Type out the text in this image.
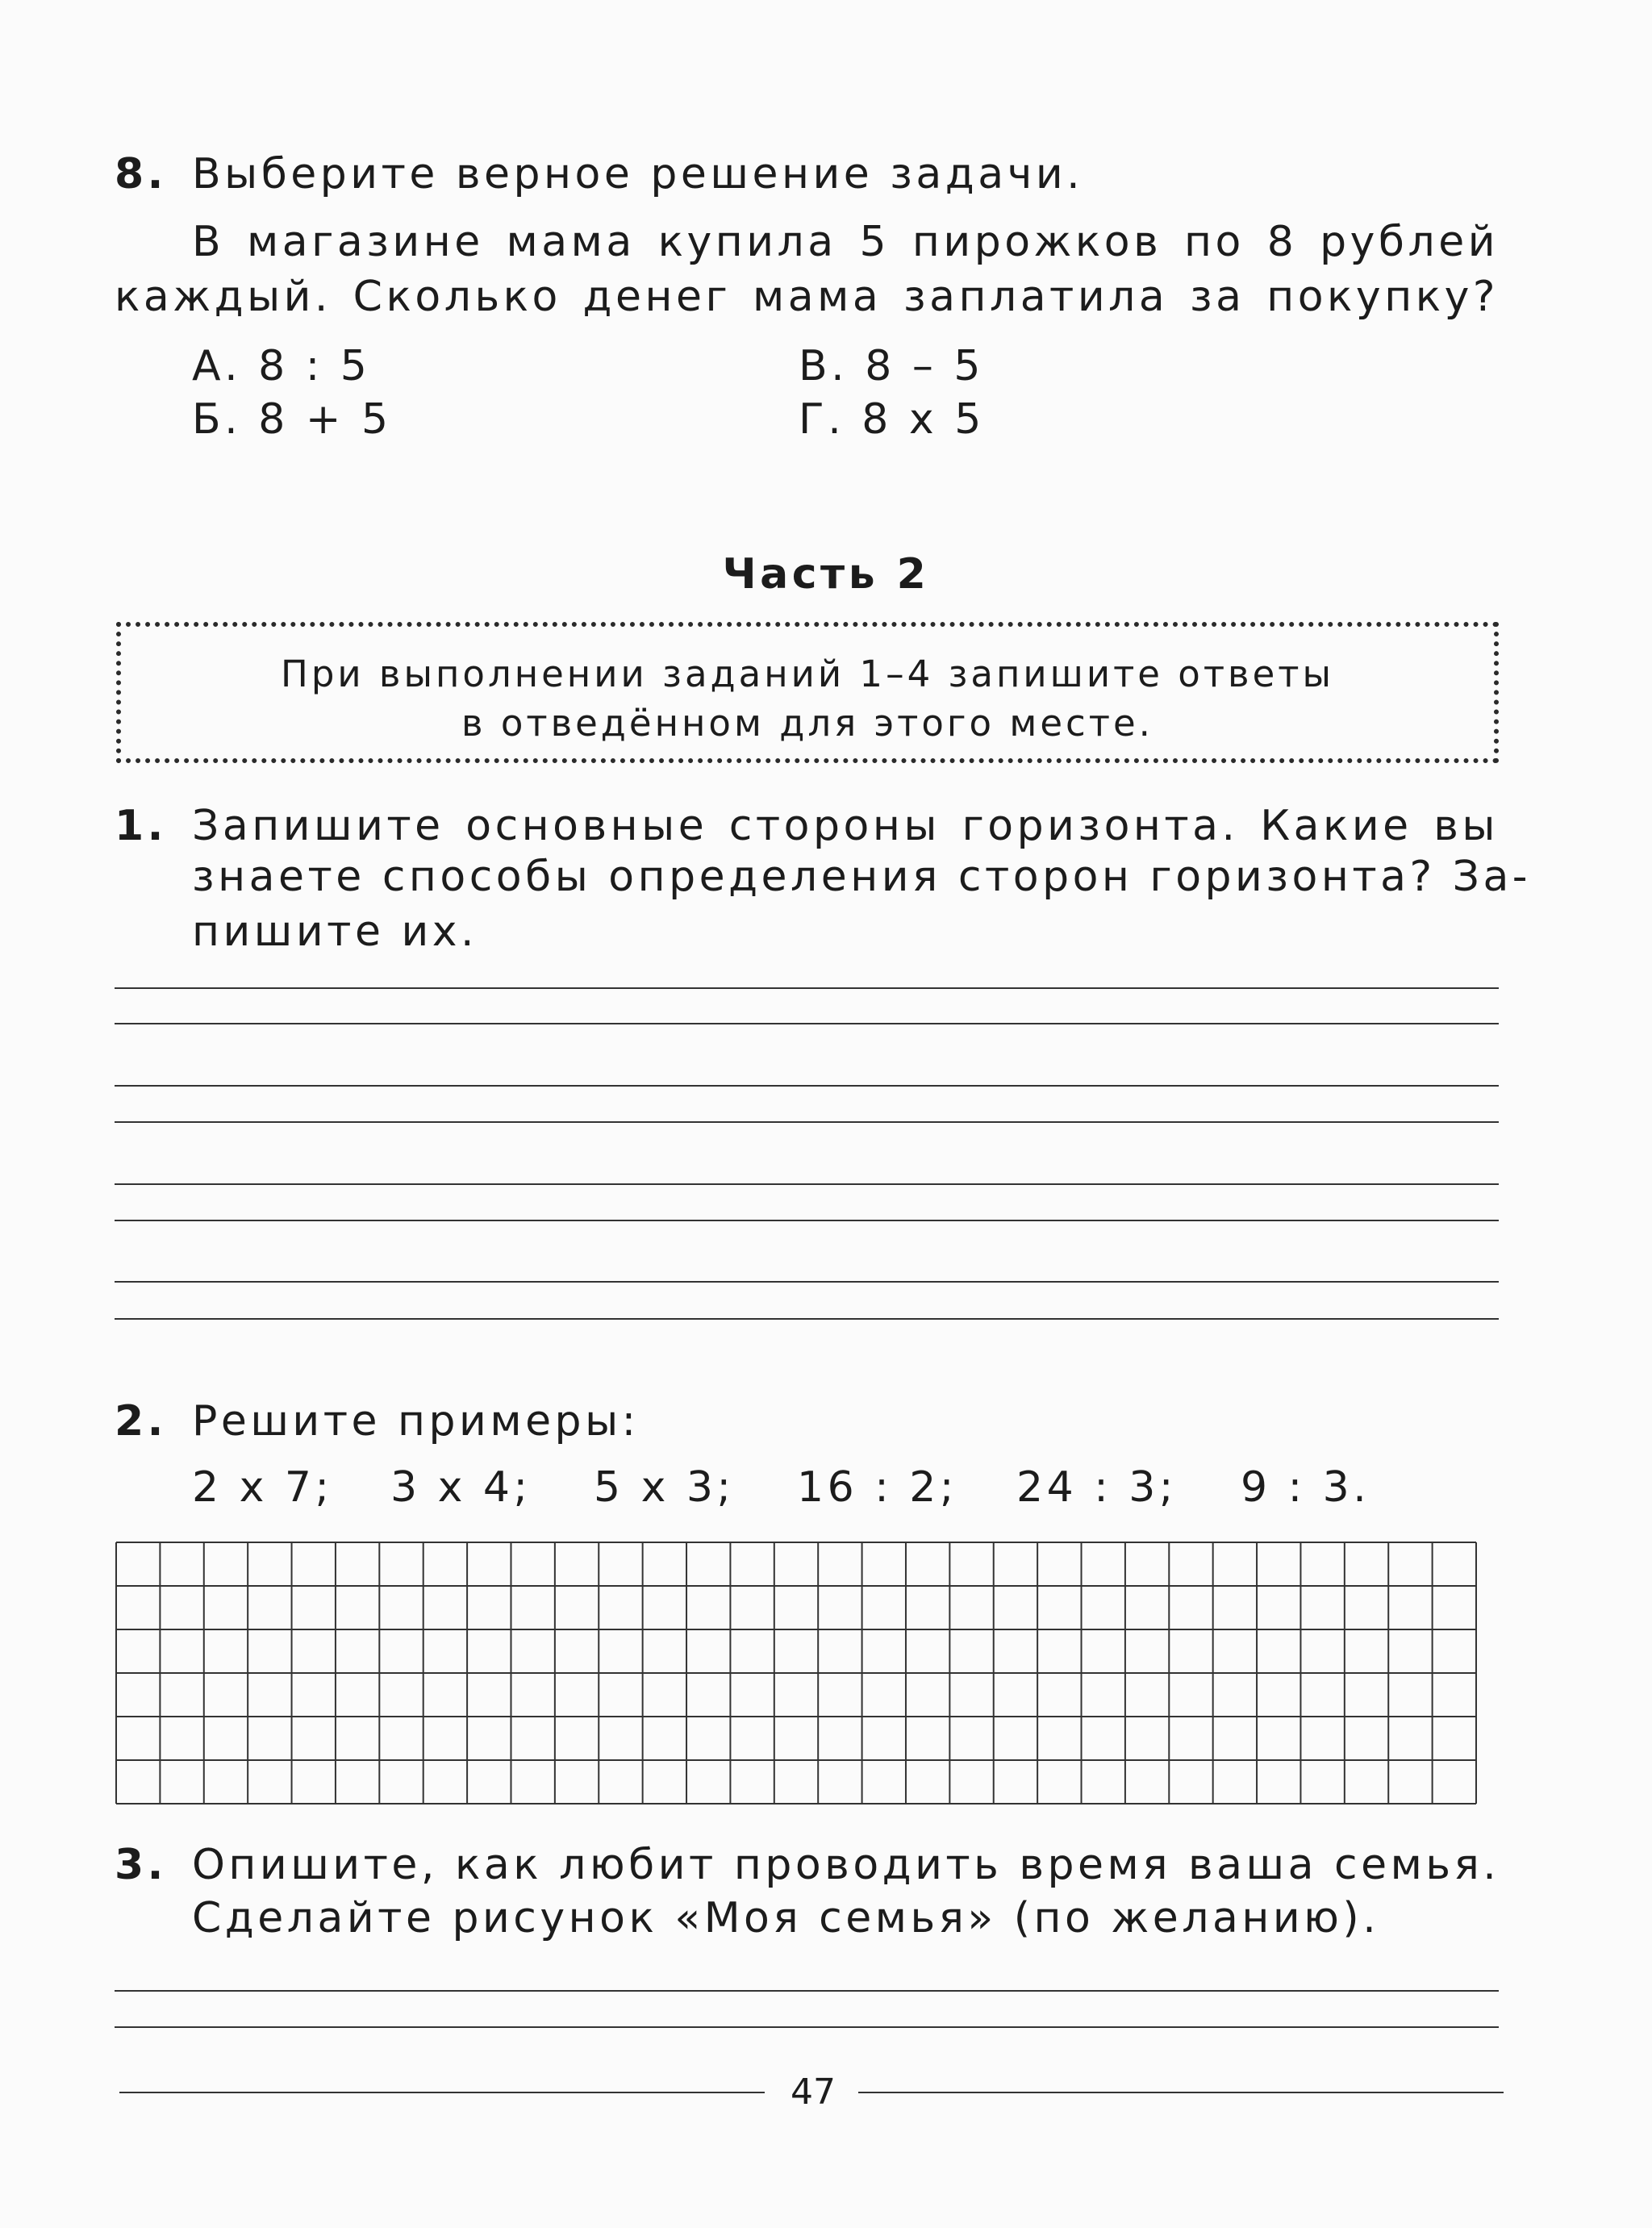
8. Выберите верное решение задачи.
В магазине мама купила 5 пирожков по 8 рублей
каждый. Сколько денег мама заплатила за покупку?
А. 8 : 5
Б. 8 + 5
В. 8 – 5
Г. 8 х 5
Часть 2
При выполнении заданий 1–4 запишите ответы
в отведённом для этого месте.
1. Запишите основные стороны горизонта. Какие вы
знаете способы определения сторон горизонта? За-
пишите их.
2. Решите примеры:
2 х 7; 3 х 4; 5 х 3; 16 : 2; 24 : 3; 9 : 3.
3. Опишите, как любит проводить время ваша семья.
Сделайте рисунок «Моя семья» (по желанию).
47
